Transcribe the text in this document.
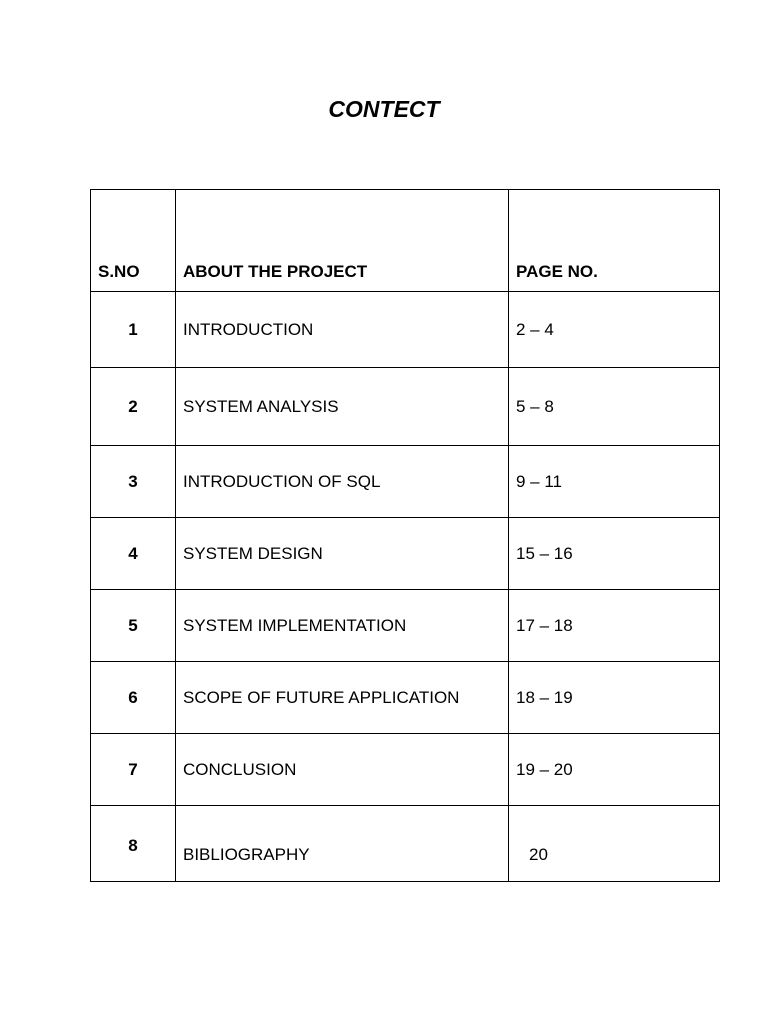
CONTECT
S.NO	ABOUT THE PROJECT	PAGE NO.
1	INTRODUCTION	2 – 4
2	SYSTEM ANALYSIS	5 – 8
3	INTRODUCTION OF SQL	9 – 11
4	SYSTEM DESIGN	15 – 16
5	SYSTEM IMPLEMENTATION	17 – 18
6	SCOPE OF FUTURE APPLICATION	18 – 19
7	CONCLUSION	19 – 20
8	BIBLIOGRAPHY	20
